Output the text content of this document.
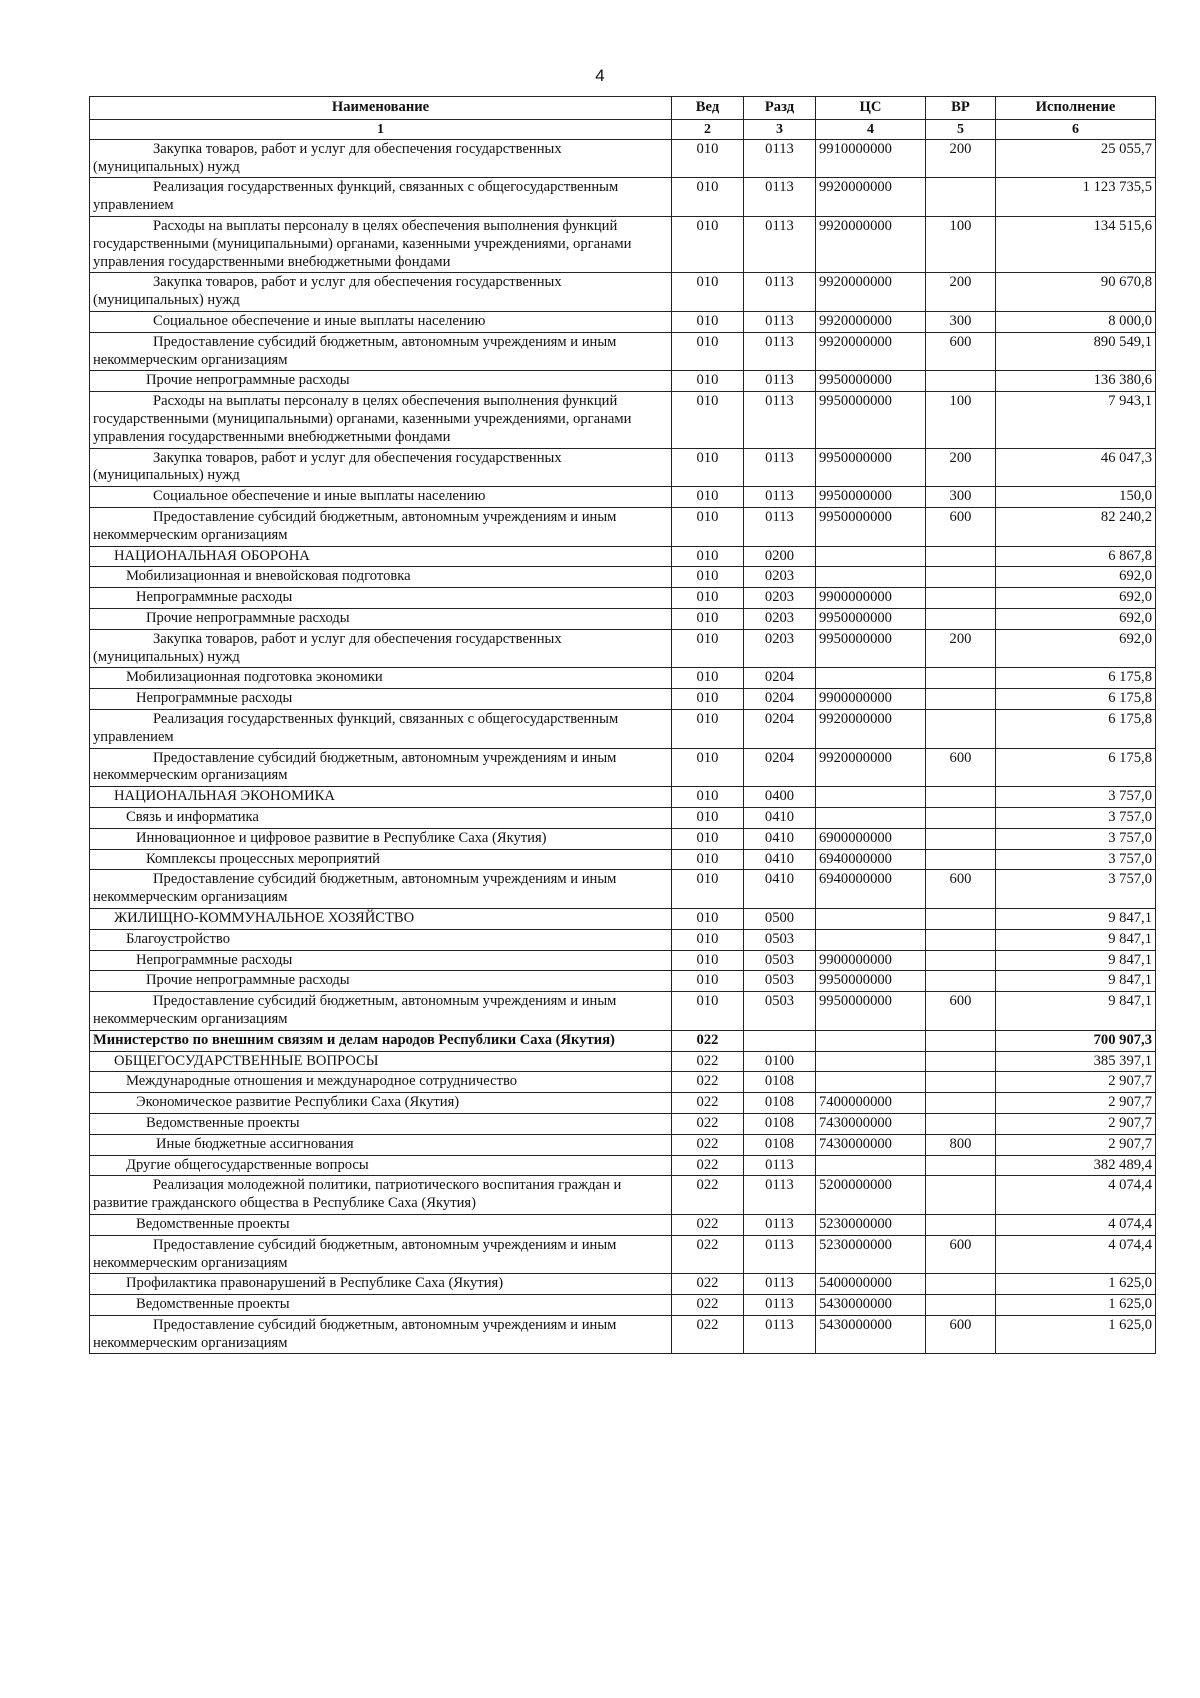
4
Наименование	Вед	Разд	ЦС	ВР	Исполнение
1	2	3	4	5	6
Закупка товаров, работ и услуг для обеспечения государственных (муниципальных) нужд	010	0113	9910000000	200	25 055,7
Реализация государственных функций, связанных с общегосударственным управлением	010	0113	9920000000		1 123 735,5
Расходы на выплаты персоналу в целях обеспечения выполнения функций государственными (муниципальными) органами, казенными учреждениями, органами управления государственными внебюджетными фондами	010	0113	9920000000	100	134 515,6
Закупка товаров, работ и услуг для обеспечения государственных (муниципальных) нужд	010	0113	9920000000	200	90 670,8
Социальное обеспечение и иные выплаты населению	010	0113	9920000000	300	8 000,0
Предоставление субсидий бюджетным, автономным учреждениям и иным некоммерческим организациям	010	0113	9920000000	600	890 549,1
Прочие непрограммные расходы	010	0113	9950000000		136 380,6
Расходы на выплаты персоналу в целях обеспечения выполнения функций государственными (муниципальными) органами, казенными учреждениями, органами управления государственными внебюджетными фондами	010	0113	9950000000	100	7 943,1
Закупка товаров, работ и услуг для обеспечения государственных (муниципальных) нужд	010	0113	9950000000	200	46 047,3
Социальное обеспечение и иные выплаты населению	010	0113	9950000000	300	150,0
Предоставление субсидий бюджетным, автономным учреждениям и иным некоммерческим организациям	010	0113	9950000000	600	82 240,2
НАЦИОНАЛЬНАЯ ОБОРОНА	010	0200			6 867,8
Мобилизационная и вневойсковая подготовка	010	0203			692,0
Непрограммные расходы	010	0203	9900000000		692,0
Прочие непрограммные расходы	010	0203	9950000000		692,0
Закупка товаров, работ и услуг для обеспечения государственных (муниципальных) нужд	010	0203	9950000000	200	692,0
Мобилизационная подготовка экономики	010	0204			6 175,8
Непрограммные расходы	010	0204	9900000000		6 175,8
Реализация государственных функций, связанных с общегосударственным управлением	010	0204	9920000000		6 175,8
Предоставление субсидий бюджетным, автономным учреждениям и иным некоммерческим организациям	010	0204	9920000000	600	6 175,8
НАЦИОНАЛЬНАЯ ЭКОНОМИКА	010	0400			3 757,0
Связь и информатика	010	0410			3 757,0
Инновационное и цифровое развитие в Республике Саха (Якутия)	010	0410	6900000000		3 757,0
Комплексы процессных мероприятий	010	0410	6940000000		3 757,0
Предоставление субсидий бюджетным, автономным учреждениям и иным некоммерческим организациям	010	0410	6940000000	600	3 757,0
ЖИЛИЩНО-КОММУНАЛЬНОЕ ХОЗЯЙСТВО	010	0500			9 847,1
Благоустройство	010	0503			9 847,1
Непрограммные расходы	010	0503	9900000000		9 847,1
Прочие непрограммные расходы	010	0503	9950000000		9 847,1
Предоставление субсидий бюджетным, автономным учреждениям и иным некоммерческим организациям	010	0503	9950000000	600	9 847,1
Министерство по внешним связям и делам народов Республики Саха (Якутия)	022				700 907,3
ОБЩЕГОСУДАРСТВЕННЫЕ ВОПРОСЫ	022	0100			385 397,1
Международные отношения и международное сотрудничество	022	0108			2 907,7
Экономическое развитие Республики Саха (Якутия)	022	0108	7400000000		2 907,7
Ведомственные проекты	022	0108	7430000000		2 907,7
Иные бюджетные ассигнования	022	0108	7430000000	800	2 907,7
Другие общегосударственные вопросы	022	0113			382 489,4
Реализация молодежной политики, патриотического воспитания граждан и развитие гражданского общества в Республике Саха (Якутия)	022	0113	5200000000		4 074,4
Ведомственные проекты	022	0113	5230000000		4 074,4
Предоставление субсидий бюджетным, автономным учреждениям и иным некоммерческим организациям	022	0113	5230000000	600	4 074,4
Профилактика правонарушений в Республике Саха (Якутия)	022	0113	5400000000		1 625,0
Ведомственные проекты	022	0113	5430000000		1 625,0
Предоставление субсидий бюджетным, автономным учреждениям и иным некоммерческим организациям	022	0113	5430000000	600	1 625,0
